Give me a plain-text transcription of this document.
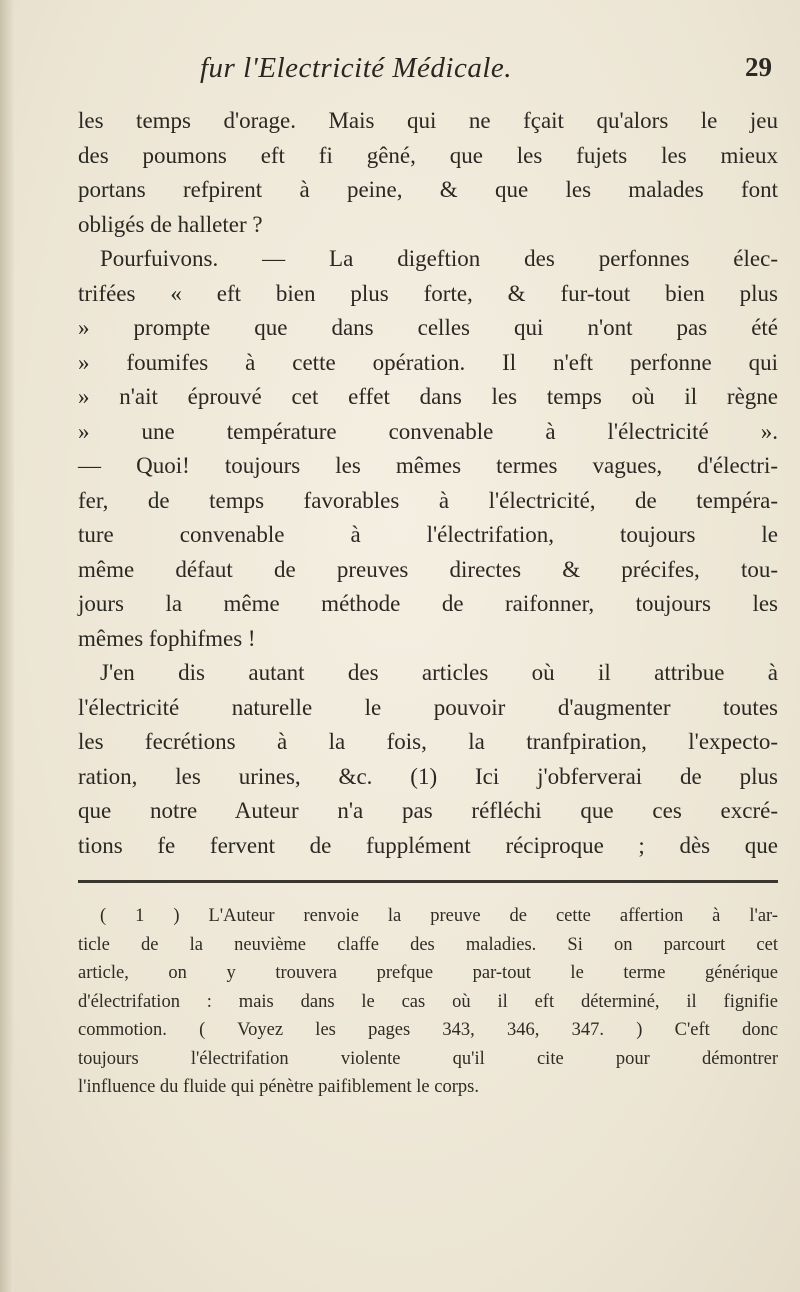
fur l'Electricité Médicale.	29
les temps d'orage. Mais qui ne fçait qu'alors le jeu
des poumons eft fi gêné, que les fujets les mieux
portans refpirent à peine, & que les malades font
obligés de halleter ?
Pourfuivons. — La digeftion des perfonnes élec-
trifées « eft bien plus forte, & fur-tout bien plus
» prompte que dans celles qui n'ont pas été
» foumifes à cette opération. Il n'eft perfonne qui
» n'ait éprouvé cet effet dans les temps où il règne
» une température convenable à l'électricité ».
— Quoi! toujours les mêmes termes vagues, d'électri-
fer, de temps favorables à l'électricité, de tempéra-
ture convenable à l'électrifation, toujours le
même défaut de preuves directes & précifes, tou-
jours la même méthode de raifonner, toujours les
mêmes fophifmes !
J'en dis autant des articles où il attribue à
l'électricité naturelle le pouvoir d'augmenter toutes
les fecrétions à la fois, la tranfpiration, l'expecto-
ration, les urines, &c. (1) Ici j'obferverai de plus
que notre Auteur n'a pas réfléchi que ces excré-
tions fe fervent de fupplément réciproque ; dès que
( 1 ) L'Auteur renvoie la preuve de cette affertion à l'ar-
ticle de la neuvième claffe des maladies. Si on parcourt cet
article, on y trouvera prefque par-tout le terme générique
d'électrifation : mais dans le cas où il eft déterminé, il fignifie
commotion. ( Voyez les pages 343, 346, 347. ) C'eft donc
toujours l'électrifation violente qu'il cite pour démontrer
l'influence du fluide qui pénètre paifiblement le corps.
